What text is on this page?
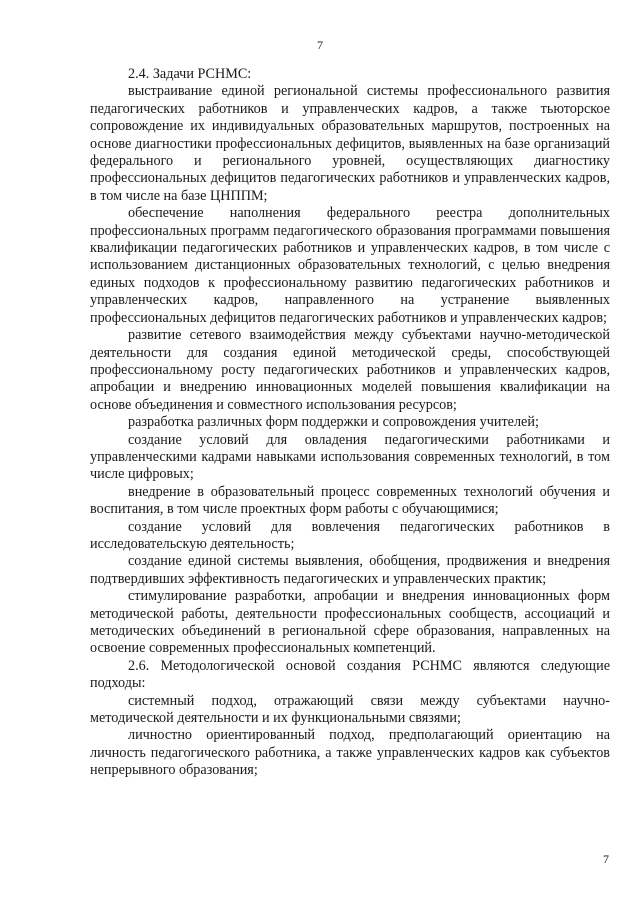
7

2.4. Задачи РСНМС:

выстраивание единой региональной системы профессионального развития педагогических работников и управленческих кадров, а также тьюторское сопровождение их индивидуальных образовательных маршрутов, построенных на основе диагностики профессиональных дефицитов, выявленных на базе организаций федерального и регионального уровней, осуществляющих диагностику профессиональных дефицитов педагогических работников и управленческих кадров, в том числе на базе ЦНППМ;

обеспечение наполнения федерального реестра дополнительных профессиональных программ педагогического образования программами повышения квалификации педагогических работников и управленческих кадров, в том числе с использованием дистанционных образовательных технологий, с целью внедрения единых подходов к профессиональному развитию педагогических работников и управленческих кадров, направленного на устранение выявленных профессиональных дефицитов педагогических работников и управленческих кадров;

развитие сетевого взаимодействия между субъектами научно-методической деятельности для создания единой методической среды, способствующей профессиональному росту педагогических работников и управленческих кадров, апробации и внедрению инновационных моделей повышения квалификации на основе объединения и совместного использования ресурсов;

разработка различных форм поддержки и сопровождения учителей;

создание условий для овладения педагогическими работниками и управленческими кадрами навыками использования современных технологий, в том числе цифровых;

внедрение в образовательный процесс современных технологий обучения и воспитания, в том числе проектных форм работы с обучающимися;

создание условий для вовлечения педагогических работников в исследовательскую деятельность;

создание единой системы выявления, обобщения, продвижения и внедрения подтвердивших эффективность педагогических и управленческих практик;

стимулирование разработки, апробации и внедрения инновационных форм методической работы, деятельности профессиональных сообществ, ассоциаций и методических объединений в региональной сфере образования, направленных на освоение современных профессиональных компетенций.

2.6. Методологической основой создания РСНМС являются следующие подходы:

системный подход, отражающий связи между субъектами научно-методической деятельности и их функциональными связями;

личностно ориентированный подход, предполагающий ориентацию на личность педагогического работника, а также управленческих кадров как субъектов непрерывного образования;

7
